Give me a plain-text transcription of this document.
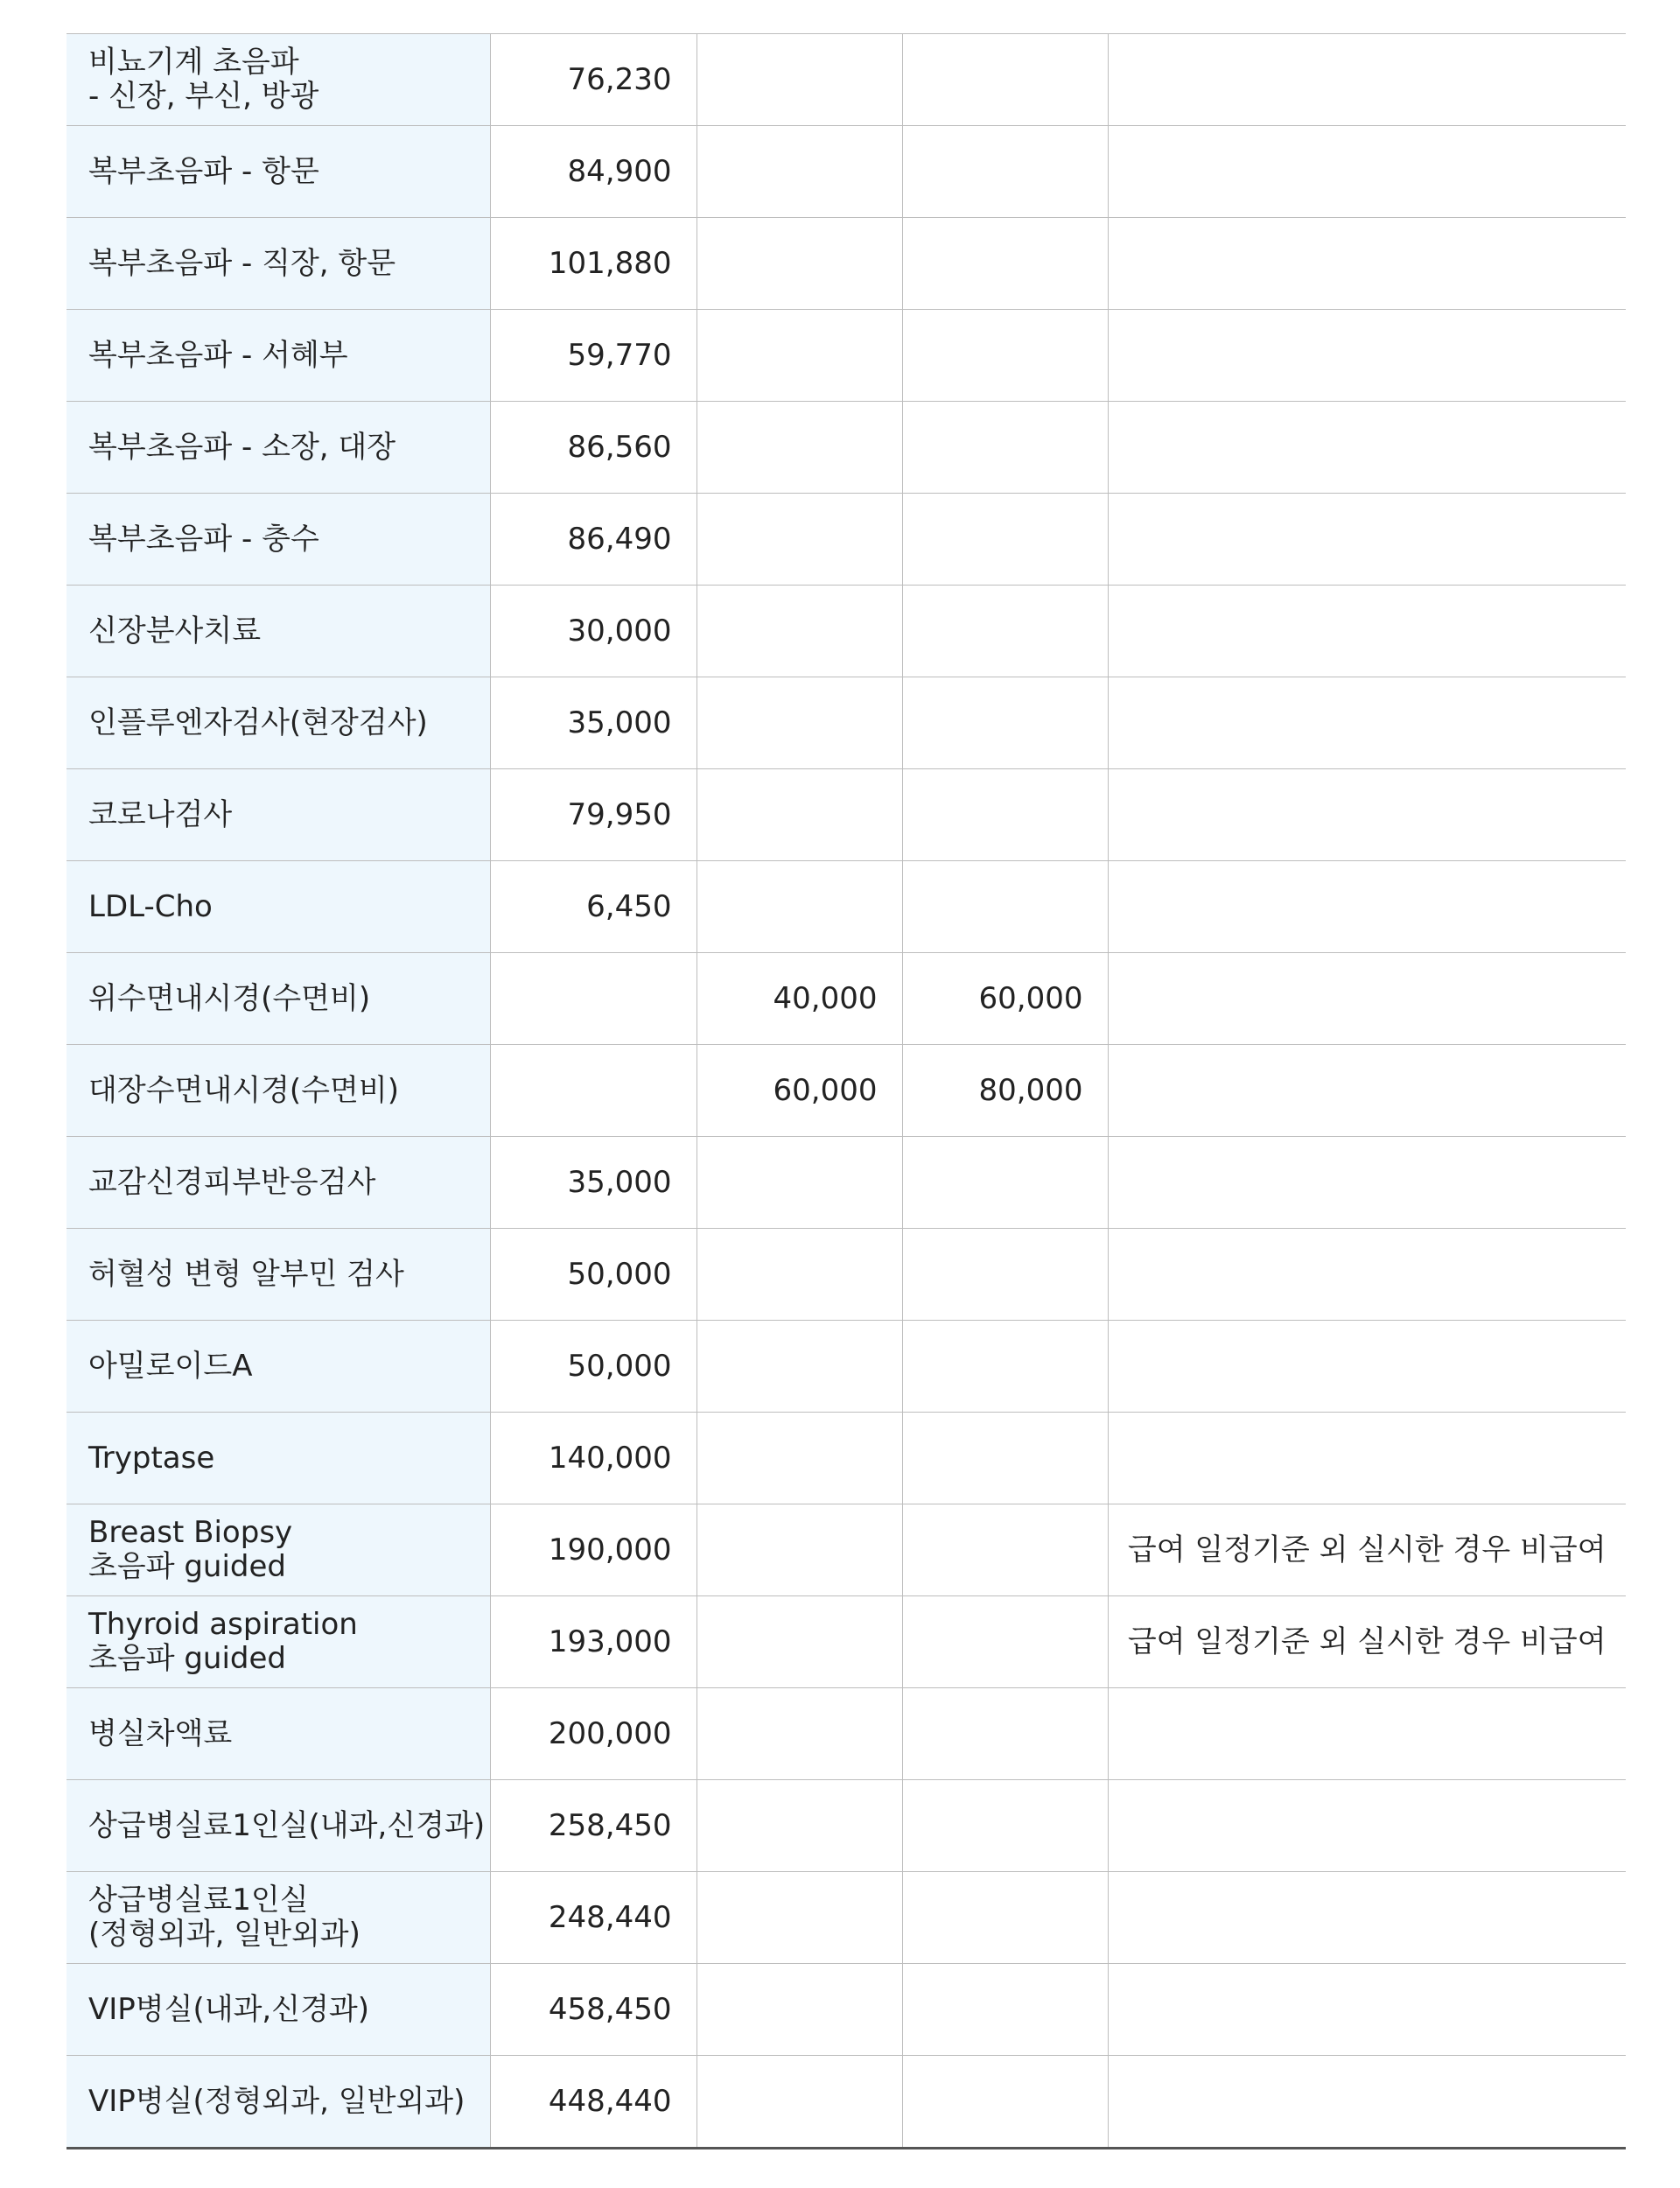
비뇨기계 초음파
- 신장, 부신, 방광	76,230			
복부초음파 - 항문	84,900			
복부초음파 - 직장, 항문	101,880			
복부초음파 - 서혜부	59,770			
복부초음파 - 소장, 대장	86,560			
복부초음파 - 충수	86,490			
신장분사치료	30,000			
인플루엔자검사(현장검사)	35,000			
코로나검사	79,950			
LDL-Cho	6,450			
위수면내시경(수면비)		40,000	60,000	
대장수면내시경(수면비)		60,000	80,000	
교감신경피부반응검사	35,000			
허혈성 변형 알부민 검사	50,000			
아밀로이드A	50,000			
Tryptase	140,000			
Breast Biopsy
초음파 guided	190,000			급여 일정기준 외 실시한 경우 비급여
Thyroid aspiration
초음파 guided	193,000			급여 일정기준 외 실시한 경우 비급여
병실차액료	200,000			
상급병실료1인실(내과,신경과)	258,450			
상급병실료1인실
(정형외과, 일반외과)	248,440			
VIP병실(내과,신경과)	458,450			
VIP병실(정형외과, 일반외과)	448,440			
